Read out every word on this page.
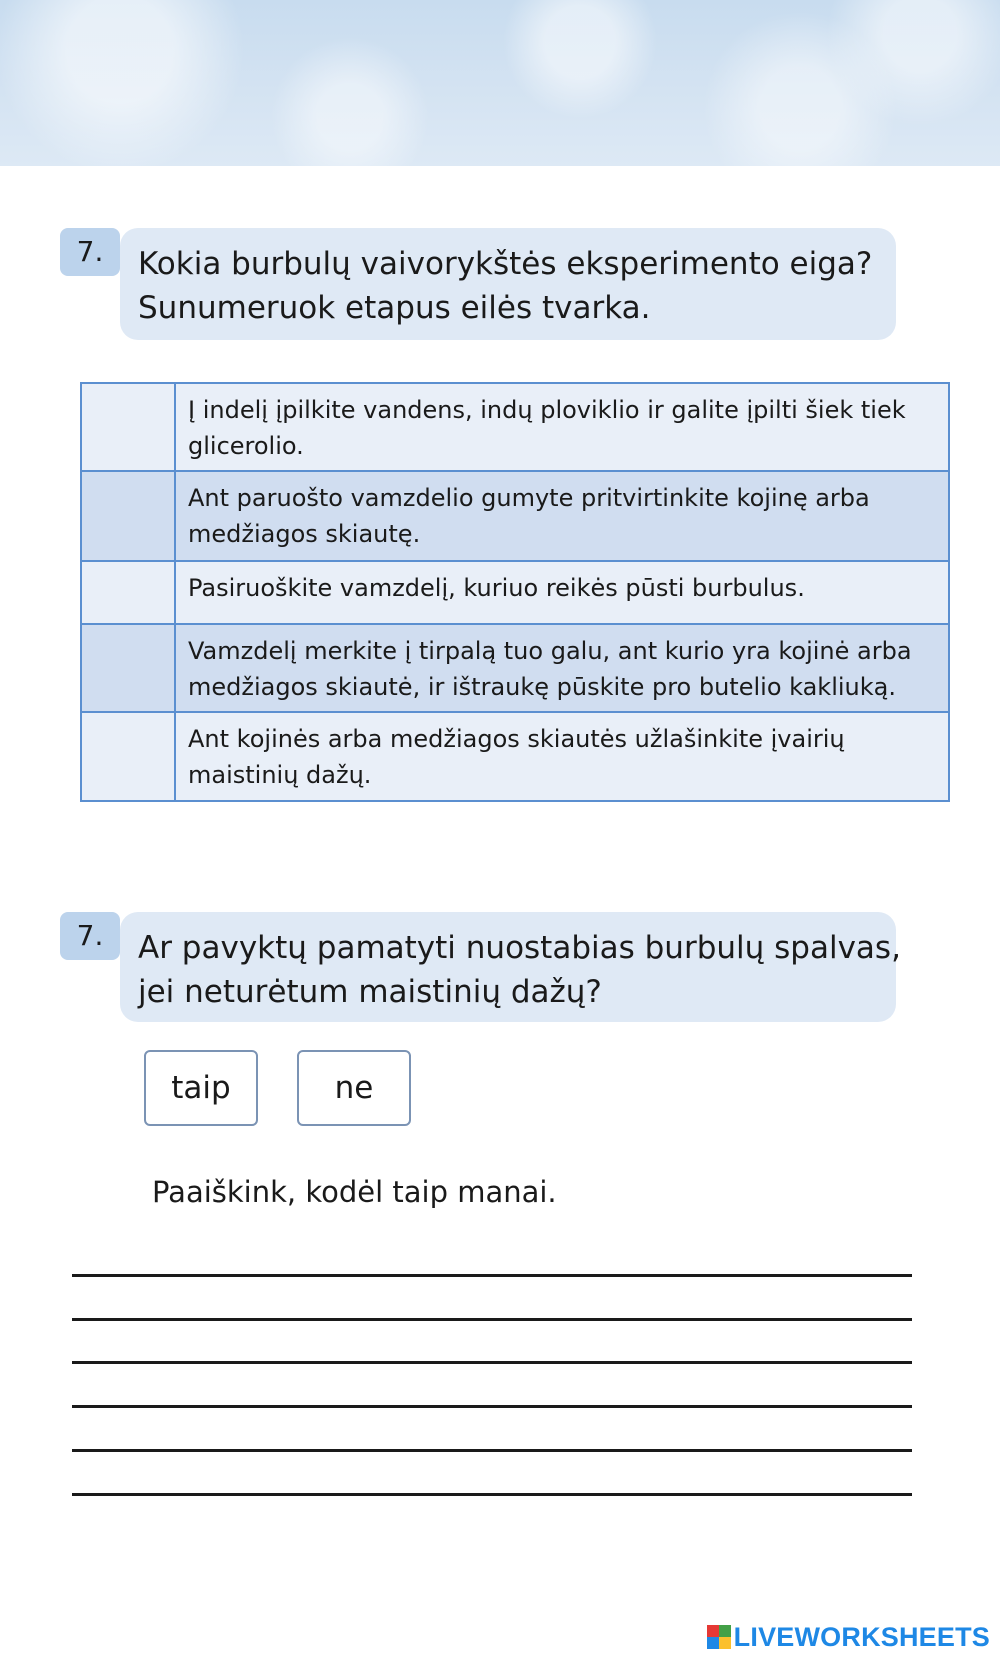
7.	Kokia burbulų vaivorykštės eksperimento eiga?
Sunumeruok etapus eilės tvarka.

	Į indelį įpilkite vandens, indų ploviklio ir galite įpilti šiek tiek
glicerolio.

	Ant paruošto vamzdelio gumyte pritvirtinkite kojinę arba
medžiagos skiautę.

	Pasiruoškite vamzdelį, kuriuo reikės pūsti burbulus.

	Vamzdelį merkite į tirpalą tuo galu, ant kurio yra kojinė arba
medžiagos skiautė, ir ištraukę pūskite pro butelio kakliuką.

	Ant kojinės arba medžiagos skiautės užlašinkite įvairių
maistinių dažų.
7.	Ar pavyktų pamatyti nuostabias burbulų spalvas,
jei neturėtum maistinių dažų?
taip	ne
Paaiškink, kodėl taip manai.
LIVEWORKSHEETS
